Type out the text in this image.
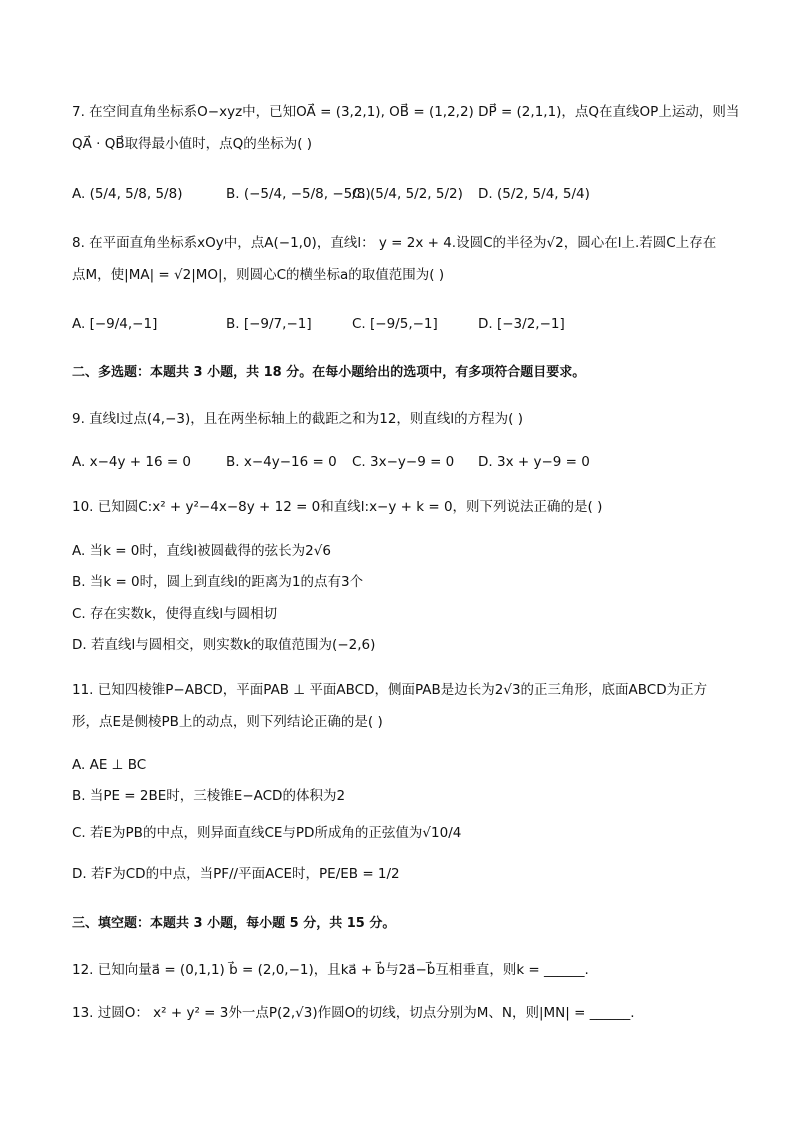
7. 在空间直角坐标系O−xyz中，已知OA⃗ = (3,2,1), OB⃗ = (1,2,2) DP⃗ = (2,1,1)，点Q在直线OP上运动，则当
QA⃗ · QB⃗取得最小值时，点Q的坐标为( )
A. (5/4, 5/8, 5/8)	B. (−5/4, −5/8, −5/8)
C. (5/4, 5/2, 5/2) D. (5/2, 5/4, 5/4)
8. 在平面直角坐标系xOy中，点A(−1,0)，直线l： y = 2x + 4.设圆C的半径为√2，圆心在l上.若圆C上存在
点M，使|MA| = √2|MO|，则圆心C的横坐标a的取值范围为( )
A. [−9/4,−1]	B. [−9/7,−1]	C. [−9/5,−1]	D. [−3/2,−1]
二、多选题：本题共 3 小题，共 18 分。在每小题给出的选项中，有多项符合题目要求。
9. 直线l过点(4,−3)，且在两坐标轴上的截距之和为12，则直线l的方程为( )
A. x−4y + 16 = 0	B. x−4y−16 = 0 C. 3x−y−9 = 0 D. 3x + y−9 = 0
10. 已知圆C:x² + y²−4x−8y + 12 = 0和直线l:x−y + k = 0，则下列说法正确的是( )
A. 当k = 0时，直线l被圆截得的弦长为2√6
B. 当k = 0时，圆上到直线l的距离为1的点有3个
C. 存在实数k，使得直线l与圆相切
D. 若直线l与圆相交，则实数k的取值范围为(−2,6)
11. 已知四棱锥P−ABCD，平面PAB ⊥ 平面ABCD，侧面PAB是边长为2√3的正三角形，底面ABCD为正方
形，点E是侧棱PB上的动点，则下列结论正确的是( )
A. AE ⊥ BC
B. 当PE = 2BE时，三棱锥E−ACD的体积为2
C. 若E为PB的中点，则异面直线CE与PD所成角的正弦值为√10/4
D. 若F为CD的中点，当PF//平面ACE时，PE/EB = 1/2
三、填空题：本题共 3 小题，每小题 5 分，共 15 分。
12. 已知向量a⃗ = (0,1,1) b⃗ = (2,0,−1)，且ka⃗ + b⃗与2a⃗−b⃗互相垂直，则k = ______.
13. 过圆O： x² + y² = 3外一点P(2,√3)作圆O的切线，切点分别为M、N，则|MN| = ______.
